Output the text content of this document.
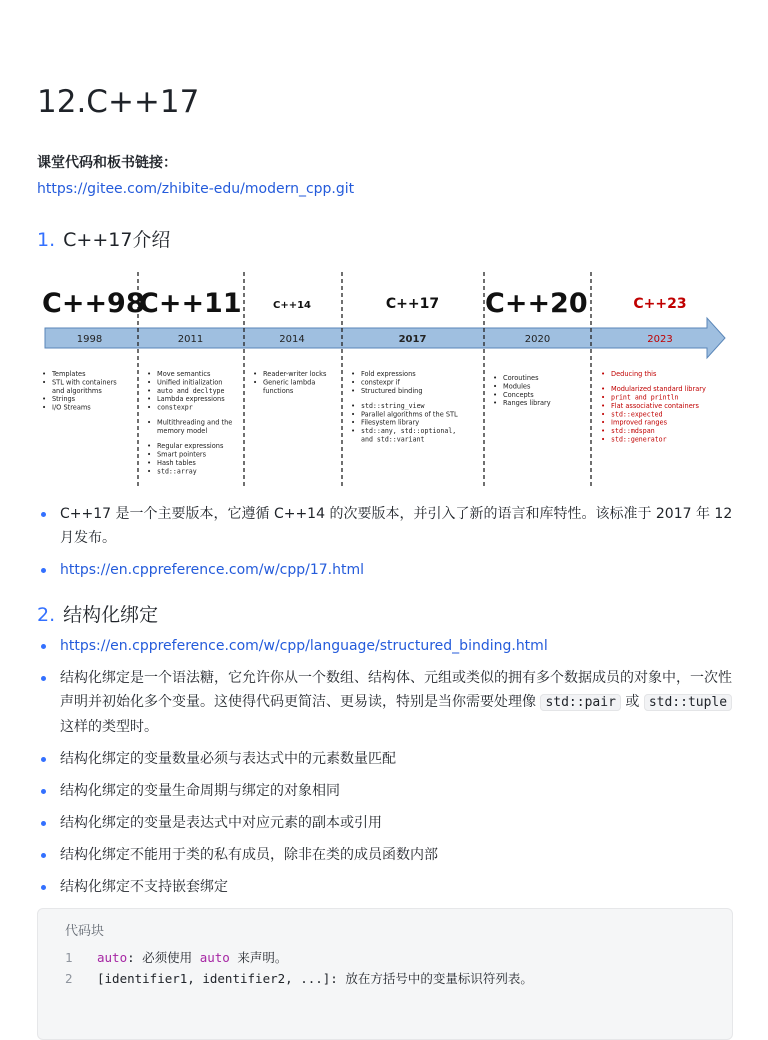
12.C++17
课堂代码和板书链接：
https://gitee.com/zhibite-edu/modern_cpp.git
1. C++17介绍
C++98
1998
• Templates
• STL with containers
and algorithms
• Strings
• I/O Streams
C++11
2011
• Move semantics
• Unified initialization
• auto and decltype
• Lambda expressions
• constexpr
• Multithreading and the
memory model
• Regular expressions
• Smart pointers
• Hash tables
• std::array
C++14
2014
• Reader-writer locks
• Generic lambda
functions
C++17
2017
• Fold expressions
• constexpr if
• Structured binding
• std::string_view
• Parallel algorithms of the STL
• Filesystem library
• std::any, std::optional,
and std::variant
C++20
2020
• Coroutines
• Modules
• Concepts
• Ranges library
C++23
2023
• Deducing this
• Modularized standard library
• print and println
• Flat associative containers
• std::expected
• Improved ranges
• std::mdspan
• std::generator
C++17 是一个主要版本，它遵循 C++14 的次要版本，并引入了新的语言和库特性。该标准于 2017 年 12 月发布。
https://en.cppreference.com/w/cpp/17.html
2. 结构化绑定
https://en.cppreference.com/w/cpp/language/structured_binding.html
结构化绑定是一个语法糖，它允许你从一个数组、结构体、元组或类似的拥有多个数据成员的对象中，一次性声明并初始化多个变量。这使得代码更简洁、更易读，特别是当你需要处理像 std::pair 或 std::tuple 这样的类型时。
结构化绑定的变量数量必须与表达式中的元素数量匹配
结构化绑定的变量生命周期与绑定的对象相同
结构化绑定的变量是表达式中对应元素的副本或引用
结构化绑定不能用于类的私有成员，除非在类的成员函数内部
结构化绑定不支持嵌套绑定
代码块
1 auto: 必须使用 auto 来声明。
2 [identifier1, identifier2, ...]: 放在方括号中的变量标识符列表。
